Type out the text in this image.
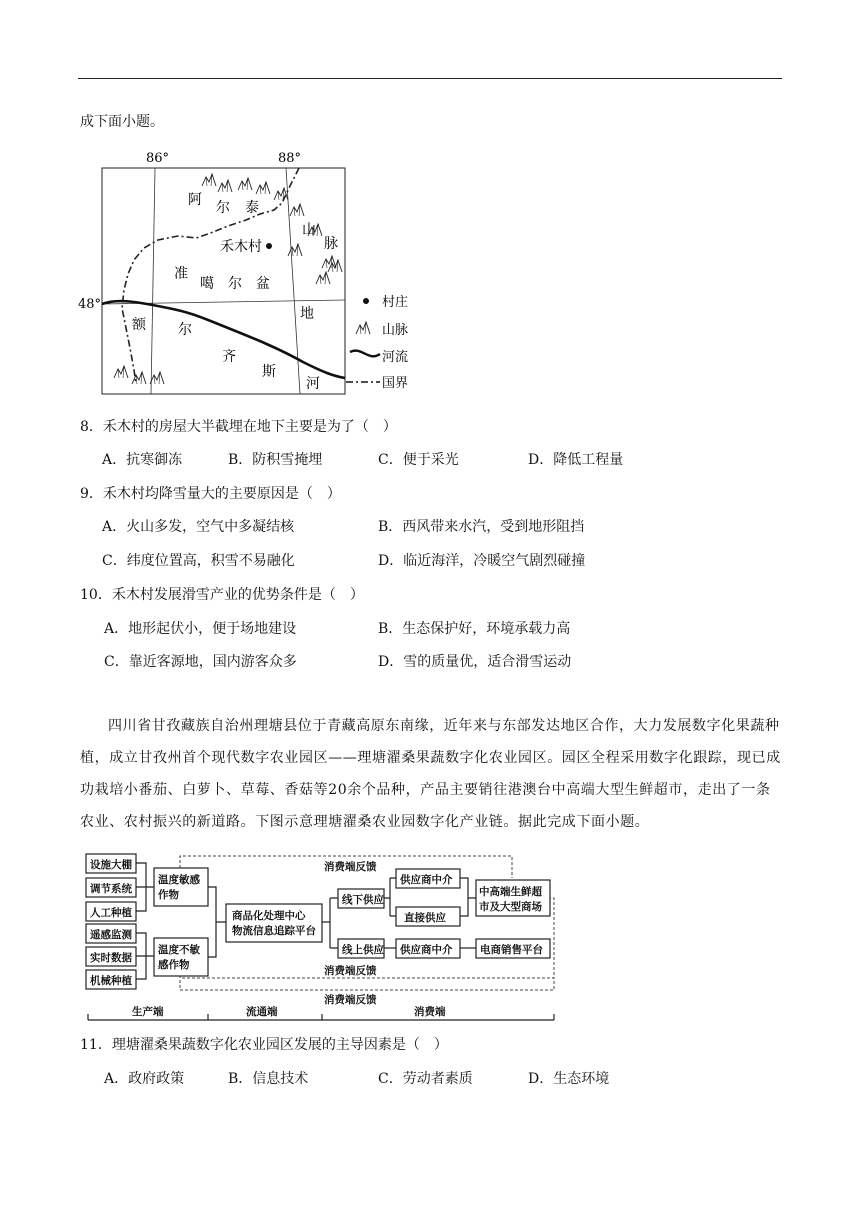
成下面小题。
86°	88°
48°
阿 尔 泰
山
脉
禾木村
准
噶 尔 盆
地
额 尔
齐
斯
河
村庄
山脉
河流
国界
8．禾木村的房屋大半截埋在地下主要是为了（　）
A．抗寒御冻	B．防积雪掩埋	C．便于采光	D．降低工程量
9．禾木村均降雪量大的主要原因是（　）
A．火山多发，空气中多凝结核	B．西风带来水汽，受到地形阻挡
C．纬度位置高，积雪不易融化	D．临近海洋，冷暖空气剧烈碰撞
10．禾木村发展滑雪产业的优势条件是（　）
A．地形起伏小，便于场地建设	B．生态保护好，环境承载力高
C．靠近客源地，国内游客众多	D．雪的质量优，适合滑雪运动
四川省甘孜藏族自治州理塘县位于青藏高原东南缘，近年来与东部发达地区合作，大力发展数字化果蔬种植，成立甘孜州首个现代数字农业园区——理塘濯桑果蔬数字化农业园区。园区全程采用数字化跟踪，现已成功栽培小番茄、白萝卜、草莓、香菇等20余个品种，产品主要销往港澳台中高端大型生鲜超市，走出了一条农业、农村振兴的新道路。下图示意理塘濯桑农业园数字化产业链。据此完成下面小题。
消费端反馈
消费端反馈
消费端反馈
设施大棚
调节系统
人工种植
遥感监测
实时数据
机械种植
温度敏感
作物
温度不敏
感作物
商品化处理中心
物流信息追踪平台
线下供应
线上供应
供应商中介
直接供应
供应商中介
中高端生鲜超
市及大型商场
电商销售平台
生产端	流通端	消费端
11．理塘濯桑果蔬数字化农业园区发展的主导因素是（　）
A．政府政策	B．信息技术	C．劳动者素质	D．生态环境
